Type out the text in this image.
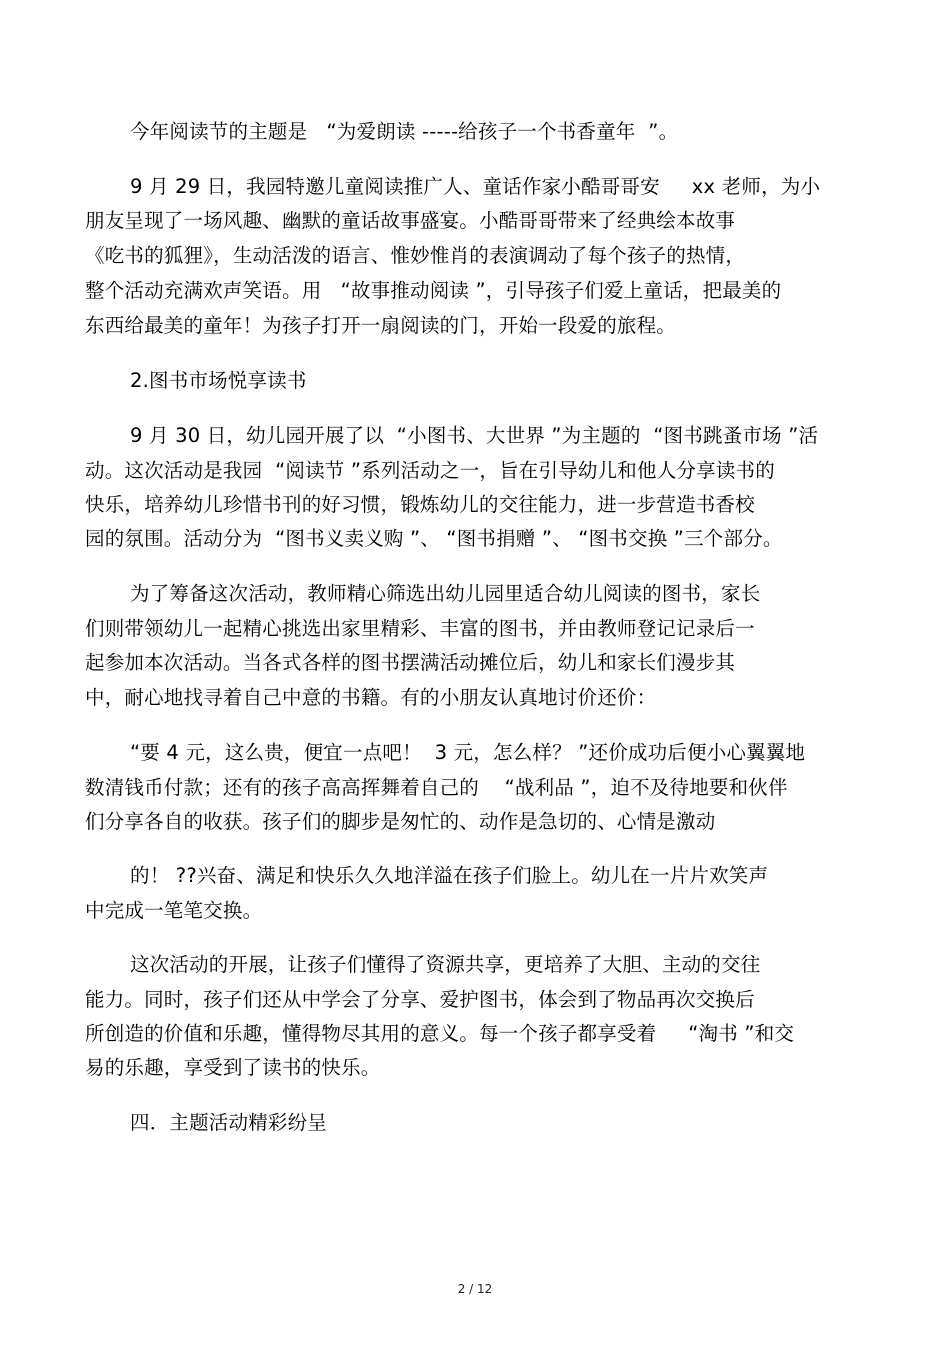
今年阅读节的主题是   “为爱朗读 -----给孩子一个书香童年  ”。
9 月 29 日，我园特邀儿童阅读推广人、童话作家小酷哥哥安     xx 老师，为小
朋友呈现了一场风趣、幽默的童话故事盛宴。小酷哥哥带来了经典绘本故事
《吃书的狐狸》，生动活泼的语言、惟妙惟肖的表演调动了每个孩子的热情，
整个活动充满欢声笑语。用   “故事推动阅读 ”，引导孩子们爱上童话，把最美的
东西给最美的童年！为孩子打开一扇阅读的门，开始一段爱的旅程。
2.图书市场悦享读书
9 月 30 日，幼儿园开展了以  “小图书、大世界 ”为主题的  “图书跳蚤市场 ”活
动。这次活动是我园  “阅读节 ”系列活动之一，旨在引导幼儿和他人分享读书的
快乐，培养幼儿珍惜书刊的好习惯，锻炼幼儿的交往能力，进一步营造书香校
园的氛围。活动分为  “图书义卖义购 ”、 “图书捐赠 ”、 “图书交换 ”三个部分。
为了筹备这次活动，教师精心筛选出幼儿园里适合幼儿阅读的图书，家长
们则带领幼儿一起精心挑选出家里精彩、丰富的图书，并由教师登记记录后一
起参加本次活动。当各式各样的图书摆满活动摊位后，幼儿和家长们漫步其
中，耐心地找寻着自己中意的书籍。有的小朋友认真地讨价还价：
“要 4 元，这么贵，便宜一点吧！  3 元，怎么样？ ”还价成功后便小心翼翼地
数清钱币付款；还有的孩子高高挥舞着自己的    “战利品 ”，迫不及待地要和伙伴
们分享各自的收获。孩子们的脚步是匆忙的、动作是急切的、心情是激动
的！ ??兴奋、满足和快乐久久地洋溢在孩子们脸上。幼儿在一片片欢笑声
中完成一笔笔交换。
这次活动的开展，让孩子们懂得了资源共享，更培养了大胆、主动的交往
能力。同时，孩子们还从中学会了分享、爱护图书，体会到了物品再次交换后
所创造的价值和乐趣，懂得物尽其用的意义。每一个孩子都享受着     “淘书 ”和交
易的乐趣，享受到了读书的快乐。
四．主题活动精彩纷呈
2 / 12
